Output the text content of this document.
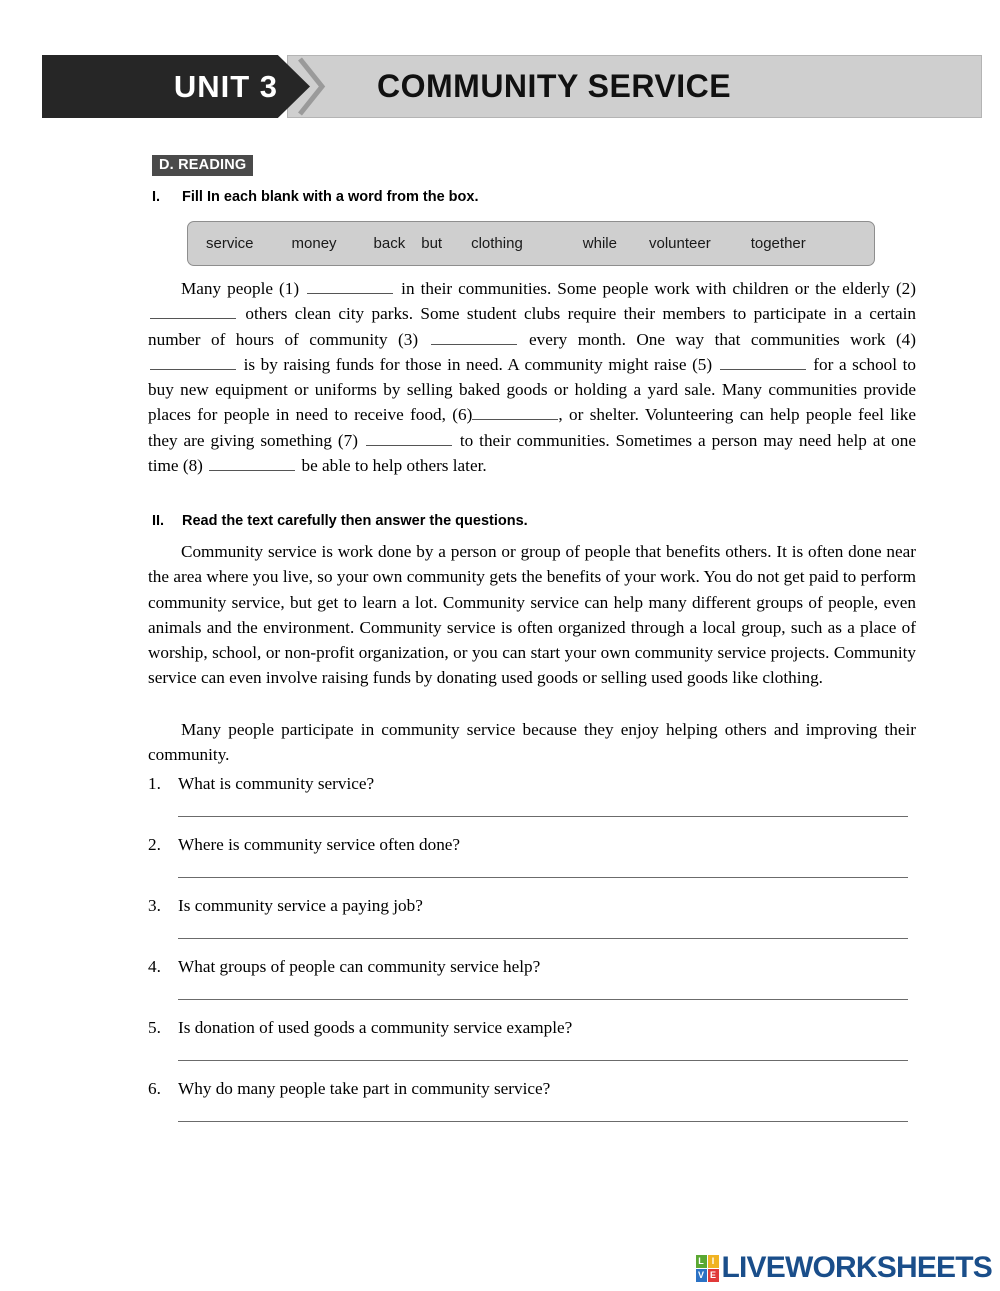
UNIT 3	COMMUNITY SERVICE
D. READING
I. Fill In each blank with a word from the box.
service	money back but clothing	while volunteer	together
Many people (1)	in their communities. Some people work with children or the elderly (2)  others clean city parks. Some student clubs require their members to participate in a certain number of hours of community (3)	every month. One way that communities work (4)  is by raising funds for those in need. A community might raise (5)	for a school to buy new equipment or uniforms by selling baked goods or holding a yard sale. Many communities provide places for people in need to receive food, (6)	, or shelter. Volunteering can help people feel like they are giving something (7)	to their communities. Sometimes a person may need help at one time (8)	be able to help others later.
II. Read the text carefully then answer the questions.
Community service is work done by a person or group of people that benefits others. It is often done near the area where you live, so your own community gets the benefits of your work. You do not get paid to perform community service, but get to learn a lot. Community service can help many different groups of people, even animals and the environment. Community service is often organized through a local group, such as a place of worship, school, or non-profit organization, or you can start your own community service projects. Community service can even involve raising funds by donating used goods or selling used goods like clothing.
Many people participate in community service because they enjoy helping others and improving their community.
1. What is community service?
2. Where is community service often done?
3. Is community service a paying job?
4. What groups of people can community service help?
5. Is donation of used goods a community service example?
6. Why do many people take part in community service?
L I
V E LIVEWORKSHEETS
